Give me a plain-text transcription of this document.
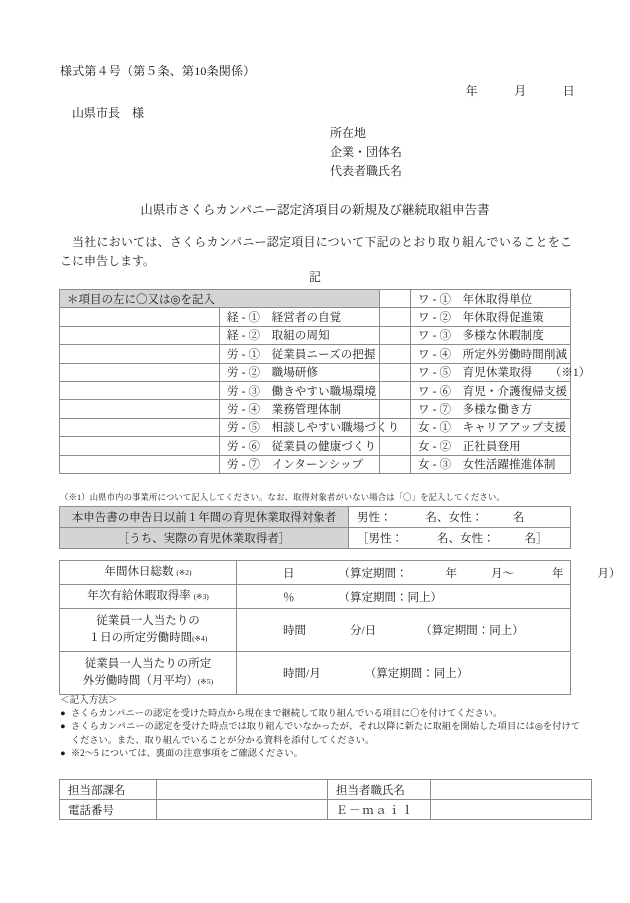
様式第４号（第５条、第10条関係）
年	月	日
山県市長　様
所在地
企業・団体名
代表者職氏名
山県市さくらカンパニー認定済項目の新規及び継続取組申告書

当社においては、さくらカンパニー認定項目について下記のとおり取り組んでいることをここに申告します。

記
＊項目の左に〇又は◎を記入			ワ - ①　年休取得単位
	経 - ①　経営者の自覚		ワ - ②　年休取得促進策
	経 - ②　取組の周知		ワ - ③　多様な休暇制度
	労 - ①　従業員ニーズの把握		ワ - ④　所定外労働時間削減
	労 - ②　職場研修		ワ - ⑤　育児休業取得　　（※1）
	労 - ③　働きやすい職場環境		ワ - ⑥　育児・介護復帰支援
	労 - ④　業務管理体制		ワ - ⑦　多様な働き方
	労 - ⑤　相談しやすい職場づくり		女 - ①　キャリアアップ支援
	労 - ⑥　従業員の健康づくり		女 - ②　正社員登用
	労 - ⑦　インターンシップ		女 - ③　女性活躍推進体制
（※1）山県市内の事業所について記入してください。なお、取得対象者がいない場合は「〇」を記入してください。
本申告書の申告日以前１年間の育児休業取得対象者	男性： 名、女性： 名
［うち、実際の育児休業取得者］	［男性： 名、女性： 名］
年間休日総数 (※2)	日 （算定期間： 年 月～ 年 月）
年次有給休暇取得率 (※3)	％ （算定期間：同上）

従業員一人当たりの
１日の所定労働時間(※4)	時間 分/日 （算定期間：同上）

従業員一人当たりの所定
外労働時間（月平均）(※5)	時間/月 （算定期間：同上）
＜記入方法＞
● さくらカンパニーの認定を受けた時点から現在まで継続して取り組んでいる項目に〇を付けてください。
● さくらカンパニーの認定を受けた時点では取り組んでいなかったが、それ以降に新たに取組を開始した項目には◎を付けてください。また、取り組んでいることが分かる資料を添付してください。
● ※2～5 については、裏面の注意事項をご確認ください。
担当部課名		担当者職氏名	
電話番号		Ｅ－ｍａｉｌ	
